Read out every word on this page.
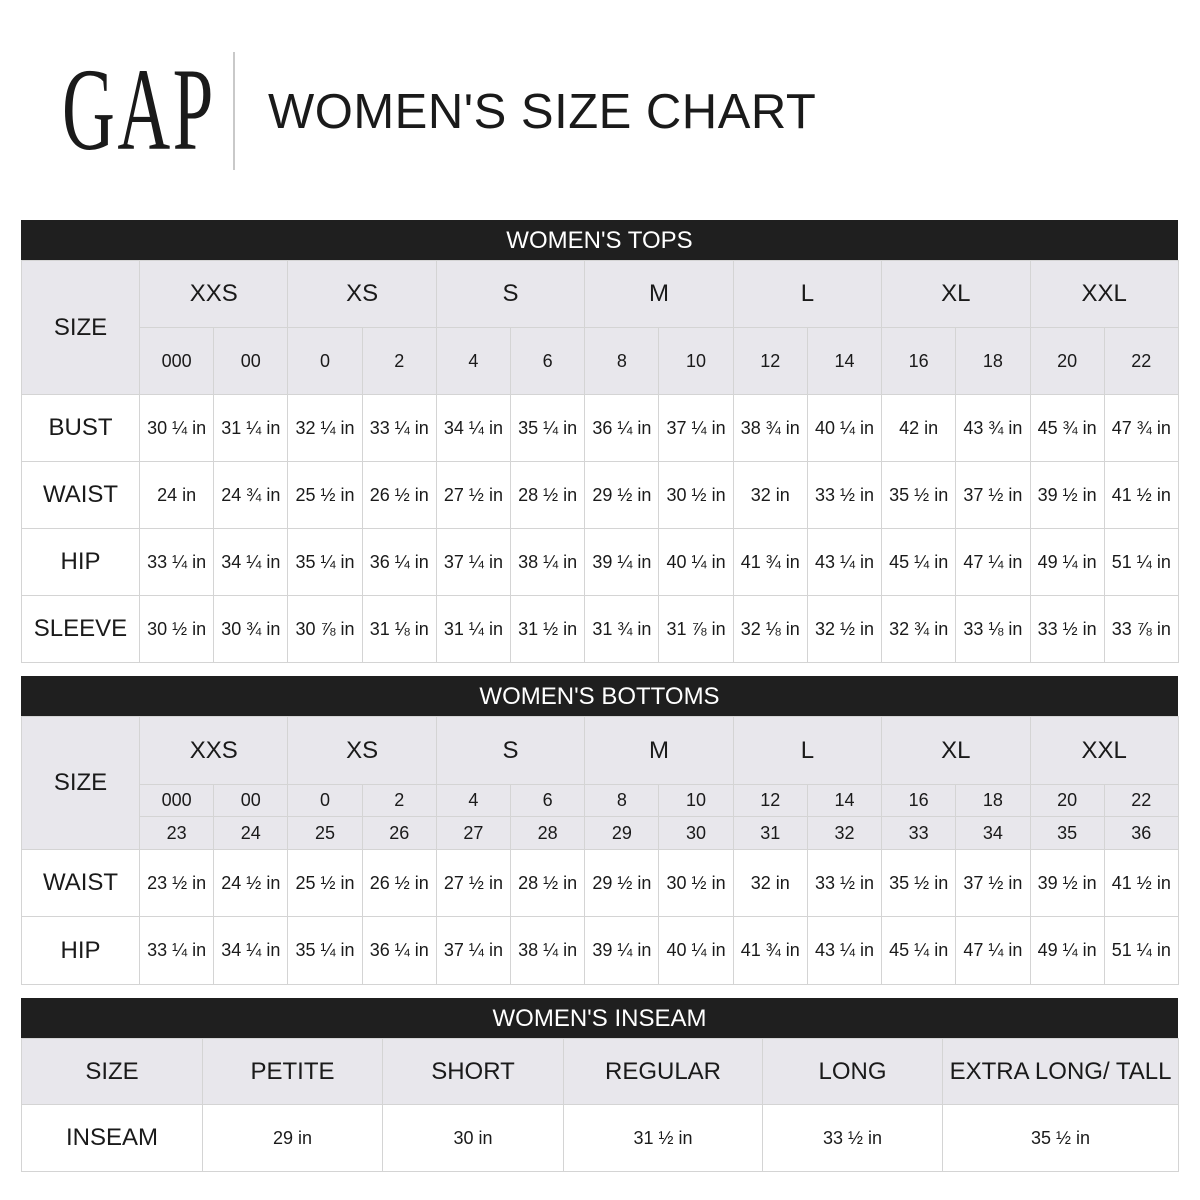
GAP WOMEN'S SIZE CHART
WOMEN'S TOPS
SIZE	XXS		XS		S		M		L		XL		XXL	
	000	00	0	2	4	6	8	10	12	14	16	18	20	22
BUST	30 ¼ in	31 ¼ in	32 ¼ in	33 ¼ in	34 ¼ in	35 ¼ in	36 ¼ in	37 ¼ in	38 ¾ in	40 ¼ in	42 in	43 ¾ in	45 ¾ in	47 ¾ in
WAIST	24 in	24 ¾ in	25 ½ in	26 ½ in	27 ½ in	28 ½ in	29 ½ in	30 ½ in	32 in	33 ½ in	35 ½ in	37 ½ in	39 ½ in	41 ½ in
HIP	33 ¼ in	34 ¼ in	35 ¼ in	36 ¼ in	37 ¼ in	38 ¼ in	39 ¼ in	40 ¼ in	41 ¾ in	43 ¼ in	45 ¼ in	47 ¼ in	49 ¼ in	51 ¼ in
SLEEVE	30 ½ in	30 ¾ in	30 ⅞ in	31 ⅛ in	31 ¼ in	31 ½ in	31 ¾ in	31 ⅞ in	32 ⅛ in	32 ½ in	32 ¾ in	33 ⅛ in	33 ½ in	33 ⅞ in
WOMEN'S BOTTOMS
SIZE	XXS		XS		S		M		L		XL		XXL	
	000	00	0	2	4	6	8	10	12	14	16	18	20	22
	23	24	25	26	27	28	29	30	31	32	33	34	35	36
WAIST	23 ½ in	24 ½ in	25 ½ in	26 ½ in	27 ½ in	28 ½ in	29 ½ in	30 ½ in	32 in	33 ½ in	35 ½ in	37 ½ in	39 ½ in	41 ½ in
HIP	33 ¼ in	34 ¼ in	35 ¼ in	36 ¼ in	37 ¼ in	38 ¼ in	39 ¼ in	40 ¼ in	41 ¾ in	43 ¼ in	45 ¼ in	47 ¼ in	49 ¼ in	51 ¼ in
WOMEN'S INSEAM
SIZE	PETITE	SHORT	REGULAR	LONG	EXTRA LONG/ TALL
INSEAM	29 in	30 in	31 ½ in	33 ½ in	35 ½ in
